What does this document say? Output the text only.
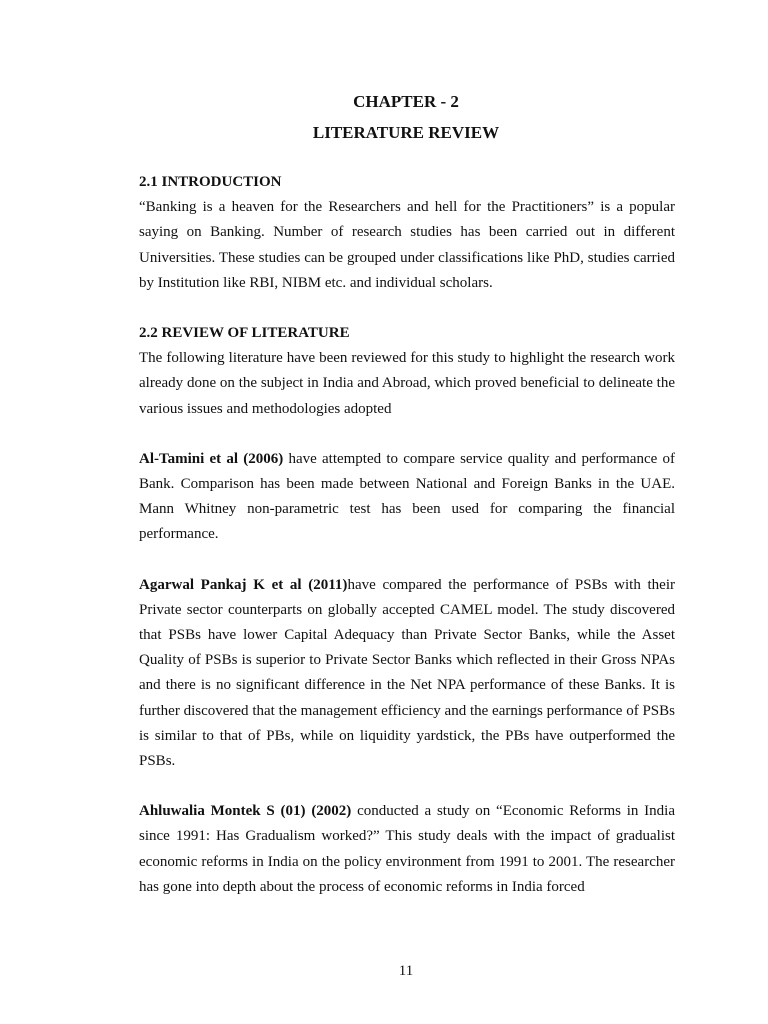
CHAPTER - 2
LITERATURE REVIEW
2.1 INTRODUCTION

“Banking is a heaven for the Researchers and hell for the Practitioners” is a popular saying on Banking. Number of research studies has been carried out in different Universities. These studies can be grouped under classifications like PhD, studies carried by Institution like RBI, NIBM etc. and individual scholars.

2.2 REVIEW OF LITERATURE

The following literature have been reviewed for this study to highlight the research work already done on the subject in India and Abroad, which proved beneficial to delineate the various issues and methodologies adopted

Al-Tamini et al (2006) have attempted to compare service quality and performance of Bank. Comparison has been made between National and Foreign Banks in the UAE. Mann Whitney non-parametric test has been used for comparing the financial performance.

Agarwal Pankaj K et al (2011)have compared the performance of PSBs with their Private sector counterparts on globally accepted CAMEL model. The study discovered that PSBs have lower Capital Adequacy than Private Sector Banks, while the Asset Quality of PSBs is superior to Private Sector Banks which reflected in their Gross NPAs and there is no significant difference in the Net NPA performance of these Banks. It is further discovered that the management efficiency and the earnings performance of PSBs is similar to that of PBs, while on liquidity yardstick, the PBs have outperformed the PSBs.

Ahluwalia Montek S (01) (2002) conducted a study on “Economic Reforms in India since 1991: Has Gradualism worked?” This study deals with the impact of gradualist economic reforms in India on the policy environment from 1991 to 2001. The researcher has gone into depth about the process of economic reforms in India forced

11
